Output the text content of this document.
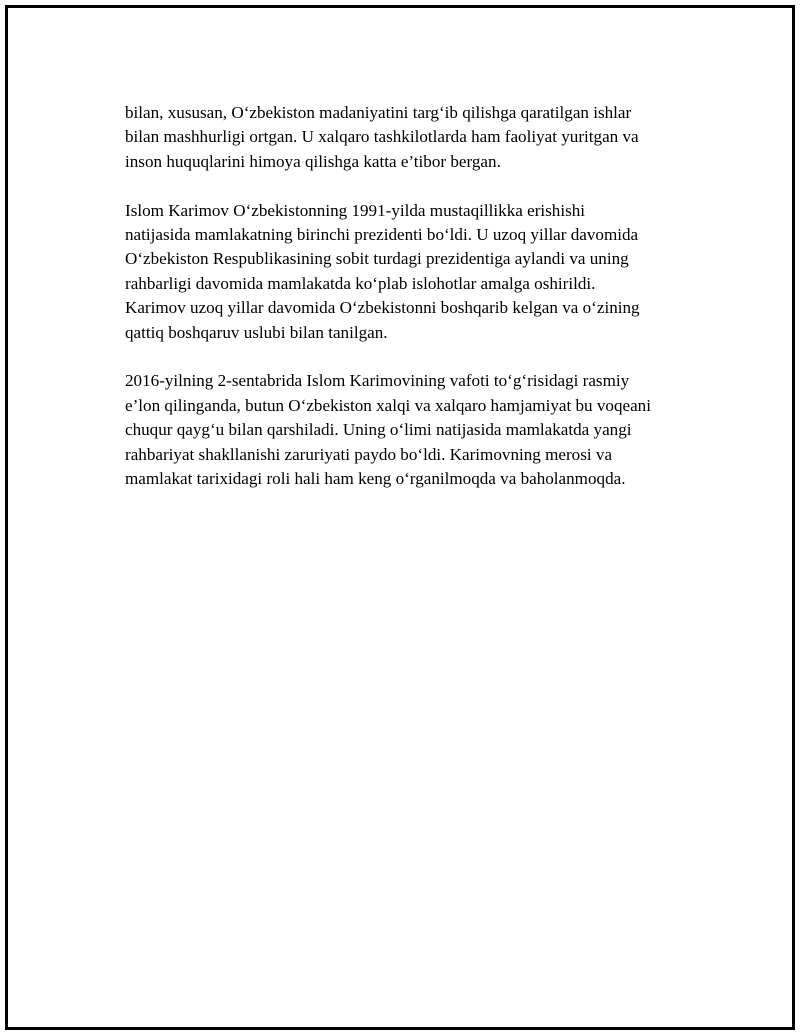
bilan, xususan, O‘zbekiston madaniyatini targ‘ib qilishga qaratilgan ishlar
bilan mashhurligi ortgan. U xalqaro tashkilotlarda ham faoliyat yuritgan va
inson huquqlarini himoya qilishga katta e’tibor bergan.

Islom Karimov O‘zbekistonning 1991-yilda mustaqillikka erishishi
natijasida mamlakatning birinchi prezidenti bo‘ldi. U uzoq yillar davomida
O‘zbekiston Respublikasining sobit turdagi prezidentiga aylandi va uning
rahbarligi davomida mamlakatda ko‘plab islohotlar amalga oshirildi.
Karimov uzoq yillar davomida O‘zbekistonni boshqarib kelgan va o‘zining
qattiq boshqaruv uslubi bilan tanilgan.

2016-yilning 2-sentabrida Islom Karimovining vafoti to‘g‘risidagi rasmiy
e’lon qilinganda, butun O‘zbekiston xalqi va xalqaro hamjamiyat bu voqeani
chuqur qayg‘u bilan qarshiladi. Uning o‘limi natijasida mamlakatda yangi
rahbariyat shakllanishi zaruriyati paydo bo‘ldi. Karimovning merosi va
mamlakat tarixidagi roli hali ham keng o‘rganilmoqda va baholanmoqda.
